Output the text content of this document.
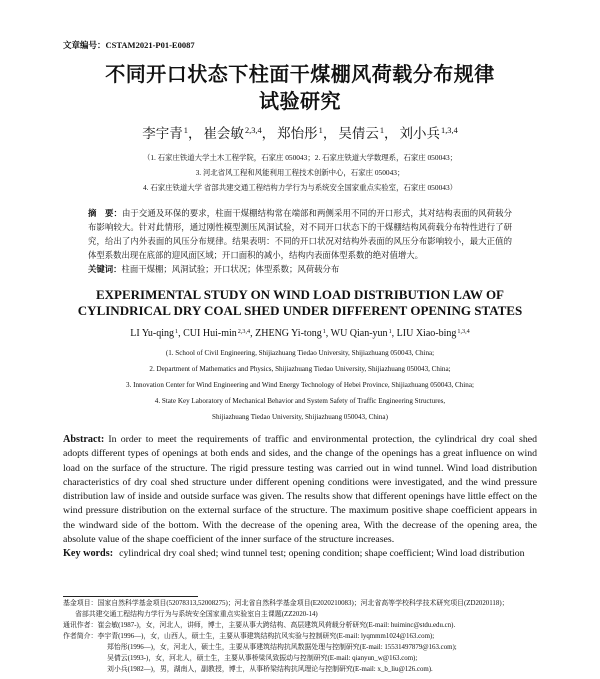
文章编号：CSTAM2021-P01-E0087
不同开口状态下柱面干煤棚风荷载分布规律
试验研究
李宇青$^1$， 崔会敏$^{2,3,4}$， 郑怡彤$^1$， 吴倩云$^1$， 刘小兵$^{1,3,4}$
（1. 石家庄铁道大学土木工程学院，石家庄 050043；2. 石家庄铁道大学数理系，石家庄 050043；
3. 河北省风工程和风能利用工程技术创新中心，石家庄 050043；
4. 石家庄铁道大学 省部共建交通工程结构力学行为与系统安全国家重点实验室，石家庄 050043）

摘　要：由于交通及环保的要求，柱面干煤棚结构常在端部和两侧采用不同的开口形式，其对结构表面的风荷载分布影响较大。针对此情形，通过刚性模型测压风洞试验，对不同开口状态下的干煤棚结构风荷载分布特性进行了研究，给出了内外表面的风压分布规律。结果表明：不同的开口状况对结构外表面的风压分布影响较小，最大正值的体型系数出现在底部的迎风面区域；开口面积的减小，结构内表面体型系数的绝对值增大。

关键词：柱面干煤棚；风洞试验；开口状况；体型系数；风荷载分布

EXPERIMENTAL STUDY ON WIND LOAD DISTRIBUTION LAW OF
CYLINDRICAL DRY COAL SHED UNDER DIFFERENT OPENING STATES
LI Yu-qing$^1$, CUI Hui-$\min^{2,3,4}$, ZHENG Yi-tong$^1$, WU Qian-yun$^1$, LIU Xiao-bing$^{1,3,4}$
(1. School of Civil Engineering, Shijiazhuang Tiedao University, Shijiazhuang 050043, China;
2. Department of Mathematics and Physics, Shijiazhuang Tiedao University, Shijiazhuang 050043, China;
3. Innovation Center for Wind Engineering and Wind Energy Technology of Hebei Province, Shijiazhuang 050043, China;
4. State Key Laboratory of Mechanical Behavior and System Safety of Traffic Engineering Structures,
Shijiazhuang Tiedao University, Shijiazhuang 050043, China)

Abstract: In order to meet the requirements of traffic and environmental protection, the cylindrical dry coal shed adopts different types of openings at both ends and sides, and the change of the openings has a great influence on wind load on the surface of the structure. The rigid pressure testing was carried out in wind tunnel. Wind load distribution characteristics of dry coal shed structure under different opening conditions were investigated, and the wind pressure distribution law of inside and outside surface was given. The results show that different openings have little effect on the wind pressure distribution on the external surface of the structure. The maximum positive shape coefficient appears in the windward side of the bottom. With the decrease of the opening area, With the decrease of the opening area, the absolute value of the shape coefficient of the inner surface of the structure increases.

Key words: cylindrical dry coal shed; wind tunnel test; opening condition; shape coefficient; Wind load distribution
基金项目：国家自然科学基金项目(52078313,52008275)；河北省自然科学基金项目(E2020210083)；河北省高等学校科学技术研究项目(ZD2020118)；
省部共建交通工程结构力学行为与系统安全国家重点实验室自主课题(ZZ2020-14)
通讯作者：崔会敏(1987-)，女，河北人，讲师，博士，主要从事大跨结构、高层建筑风荷载分析研究(E-mail: huiminc@stdu.edu.cn).
作者简介：李宇青(1996—)，女，山西人，硕士生，主要从事建筑结构抗风实验与控制研究(E-mail: lyqmmm1024@163.com);
郑怡彤(1996—)，女，河北人，硕士生，主要从事建筑结构抗风数据处理与控制研究(E-mail: 15531497879@163.com);
吴倩云(1993-)，女，河北人，硕士生，主要从事桥梁风致振动与控制研究(E-mail: qianyun_w@163.com);
刘小兵(1982—)，男，湖南人，副教授，博士，从事桥梁结构抗风理论与控制研究(E-mail: x_b_liu@126.com).
